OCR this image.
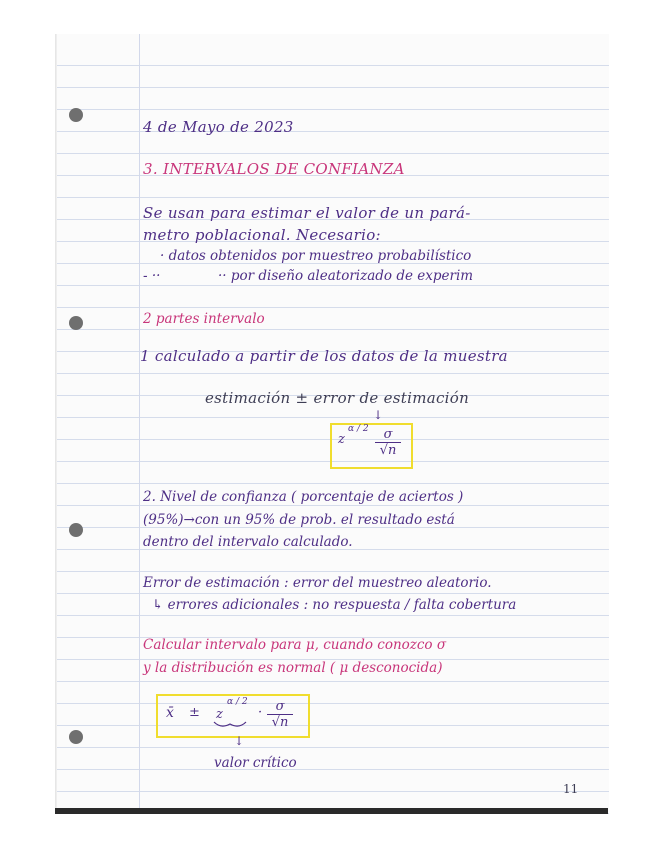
4 de Mayo de 2023
3. INTERVALOS DE CONFIANZA
Se usan para estimar el valor de un pará-
metro poblacional. Necesario:
· datos obtenidos por muestreo probabilístico
- ··	·· por diseño aleatorizado de experim
2 partes intervalo
1 calculado a partir de los datos de la muestra
estimación ± error de estimación
↓
z
α / $2 \frac{\sigma}{√n}$
2. Nivel de confianza ( porcentaje de aciertos )
(95%)→con un 95% de prob. el resultado está
dentro del intervalo calculado.
Error de estimación : error del muestreo aleatorio.
↳ errores adicionales : no respuesta / falta cobertura
Calcular intervalo para μ, cuando conozco σ
y la distribución es normal ( μ desconocida)
x̄ ± z
α / 2
· $\frac{\sigma}{√n}$
↓
valor crítico
11
